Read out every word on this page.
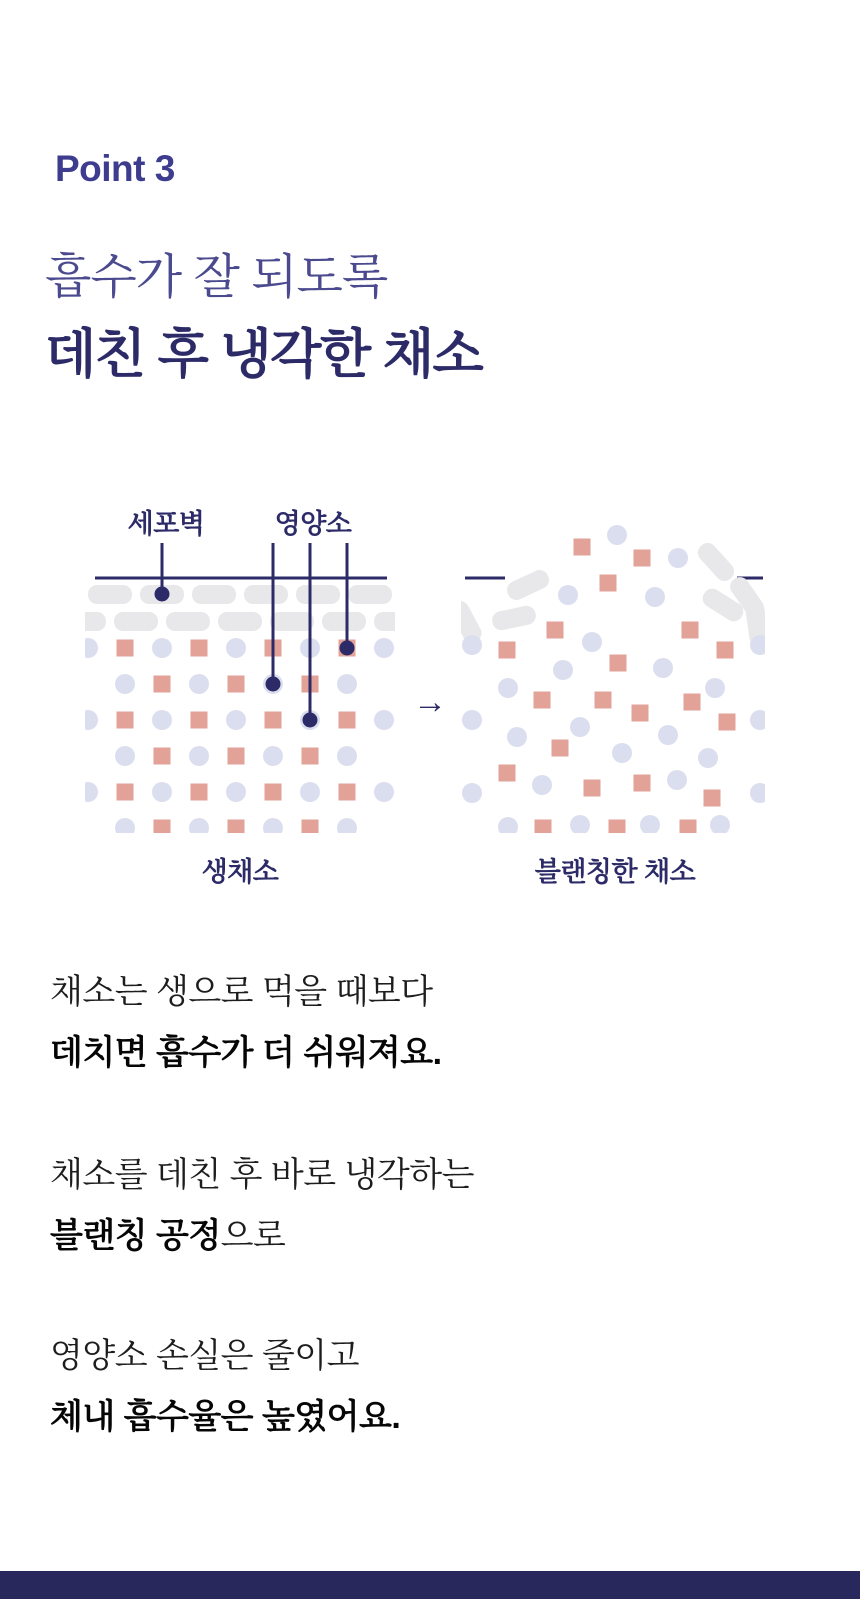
Point 3
흡수가 잘 되도록
데친 후 냉각한 채소
세포벽	영양소
→
생채소	블랜칭한 채소

채소는 생으로 먹을 때보다
데치면 흡수가 더 쉬워져요.

채소를 데친 후 바로 냉각하는
블랜칭 공정으로

영양소 손실은 줄이고
체내 흡수율은 높였어요.
